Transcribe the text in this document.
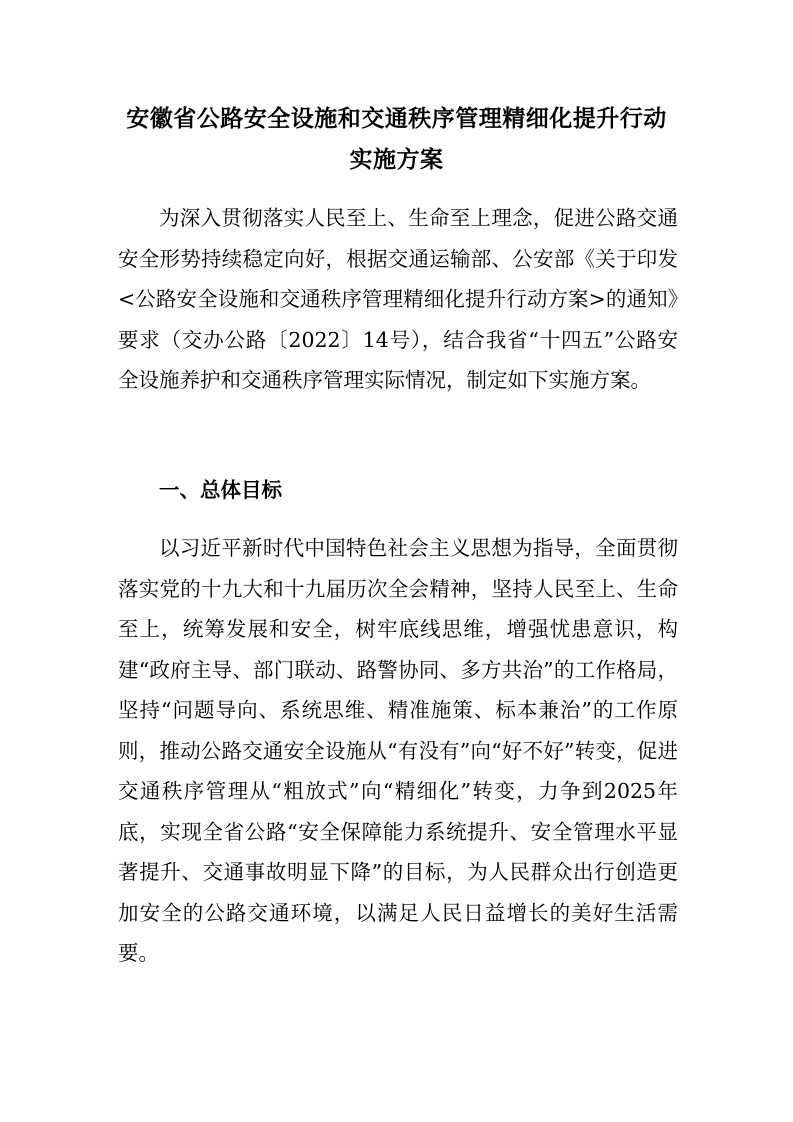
安徽省公路安全设施和交通秩序管理精细化提升行动
实施方案

为深入贯彻落实人民至上、生命至上理念，促进公路交通安全形势持续稳定向好，根据交通运输部、公安部《关于印发<公路安全设施和交通秩序管理精细化提升行动方案>的通知》要求（交办公路〔2022〕14号），结合我省“十四五”公路安全设施养护和交通秩序管理实际情况，制定如下实施方案。

一、总体目标

以习近平新时代中国特色社会主义思想为指导，全面贯彻落实党的十九大和十九届历次全会精神，坚持人民至上、生命至上，统筹发展和安全，树牢底线思维，增强忧患意识，构建“政府主导、部门联动、路警协同、多方共治”的工作格局，坚持“问题导向、系统思维、精准施策、标本兼治”的工作原则，推动公路交通安全设施从“有没有”向“好不好”转变，促进交通秩序管理从“粗放式”向“精细化”转变，力争到2025年底，实现全省公路“安全保障能力系统提升、安全管理水平显著提升、交通事故明显下降”的目标，为人民群众出行创造更加安全的公路交通环境，以满足人民日益增长的美好生活需要。
